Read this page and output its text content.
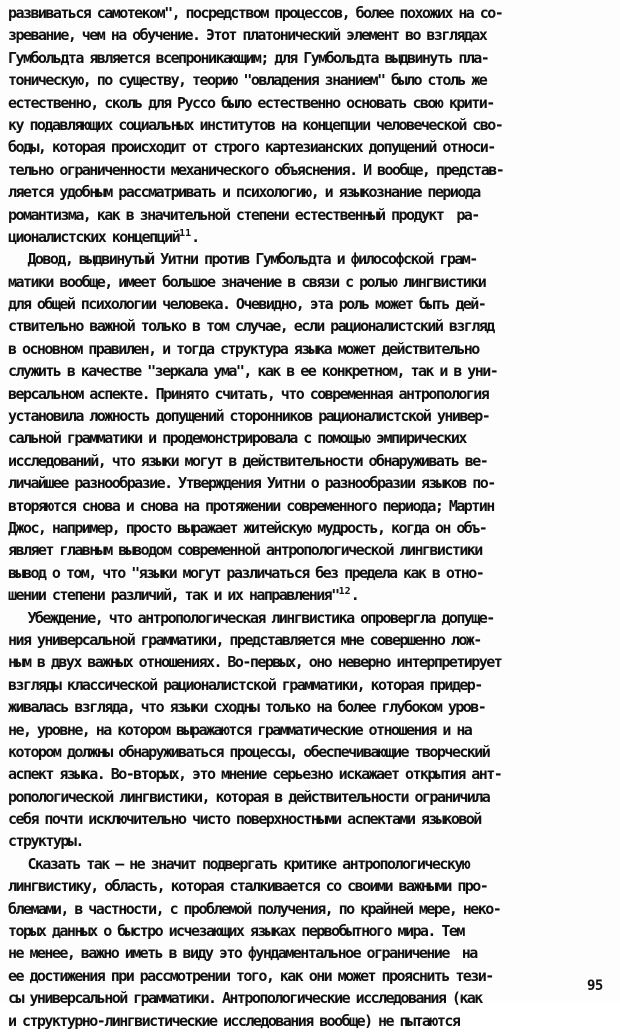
развиваться самотеком", посредством процессов, более похожих на со-
зревание, чем на обучение. Этот платонический элемент во взглядах
Гумбольдта является всепроникающим; для Гумбольдта выдвинуть пла-
тоническую, по существу, теорию "овладения знанием" было столь же
естественно, сколь для Руссо было естественно основать свою крити-
ку подавляющих социальных институтов на концепции человеческой сво-
боды, которая происходит от строго картезианских допущений относи-
тельно ограниченности механического объяснения. И вообще, представ-
ляется удобным рассматривать и психологию, и языкознание периода
романтизма, как в значительной степени естественный продукт  ра-
ционалистских концепций$^{11}$.
Довод, выдвинутый Уитни против Гумбольдта и философской грам-
матики вообще, имеет большое значение в связи с ролью лингвистики
для общей психологии человека. Очевидно, эта роль может быть дей-
ствительно важной только в том случае, если рационалистский взгляд
в основном правилен, и тогда структура языка может действительно
служить в качестве "зеркала ума", как в ее конкретном, так и в уни-
версальном аспекте. Принято считать, что современная антропология
установила ложность допущений сторонников рационалистской универ-
сальной грамматики и продемонстрировала с помощью эмпирических
исследований, что языки могут в действительности обнаруживать ве-
личайшее разнообразие. Утверждения Уитни о разнообразии языков по-
вторяются снова и снова на протяжении современного периода; Мартин
Джос, например, просто выражает житейскую мудрость, когда он объ-
являет главным выводом современной антропологической лингвистики
вывод о том, что "языки могут различаться без предела как в отно-
шении степени различий, так и их направления"$^{12}$.
Убеждение, что антропологическая лингвистика опровергла допуще-
ния универсальной грамматики, представляется мне совершенно лож-
ным в двух важных отношениях. Во-первых, оно неверно интерпретирует
взгляды классической рационалистской грамматики, которая придер-
живалась взгляда, что языки сходны только на более глубоком уров-
не, уровне, на котором выражаются грамматические отношения и на
котором должны обнаруживаться процессы, обеспечивающие творческий
аспект языка. Во-вторых, это мнение серьезно искажает открытия ант-
ропологической лингвистики, которая в действительности ограничила
себя почти исключительно чисто поверхностными аспектами языковой
структуры.
Сказать так — не значит подвергать критике антропологическую
лингвистику, область, которая сталкивается со своими важными про-
блемами, в частности, с проблемой получения, по крайней мере, неко-
торых данных о быстро исчезающих языках первобытного мира. Тем
не менее, важно иметь в виду это фундаментальное ограничение  на
ее достижения при рассмотрении того, как они может прояснить тези-
сы универсальной грамматики. Антропологические исследования (как
и структурно-лингвистические исследования вообще) не пытаются
95
